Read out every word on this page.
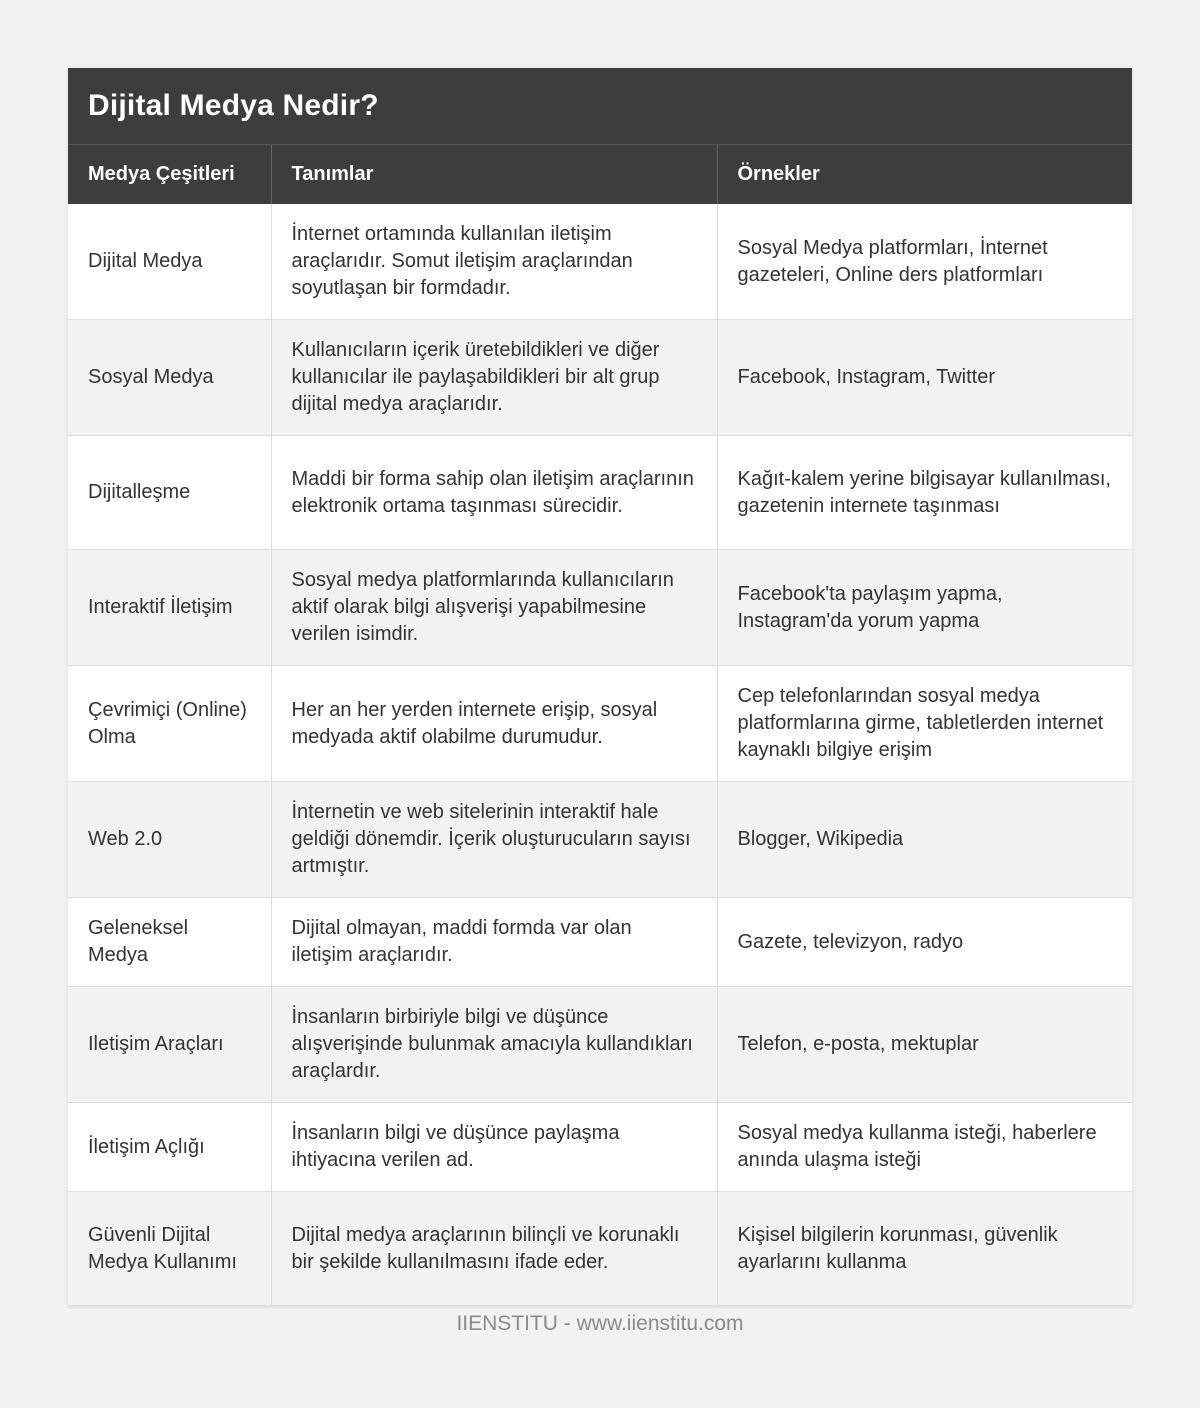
Dijital Medya Nedir?
Medya Çeşitleri	Tanımlar	Örnekler
Dijital Medya	İnternet ortamında kullanılan iletişim araçlarıdır. Somut iletişim araçlarından soyutlaşan bir formdadır.	Sosyal Medya platformları, İnternet gazeteleri, Online ders platformları
Sosyal Medya	Kullanıcıların içerik üretebildikleri ve diğer kullanıcılar ile paylaşabildikleri bir alt grup dijital medya araçlarıdır.	Facebook, Instagram, Twitter
Dijitalleşme	Maddi bir forma sahip olan iletişim araçlarının elektronik ortama taşınması sürecidir.	Kağıt-kalem yerine bilgisayar kullanılması, gazetenin internete taşınması
Interaktif İletişim	Sosyal medya platformlarında kullanıcıların aktif olarak bilgi alışverişi yapabilmesine verilen isimdir.	Facebook'ta paylaşım yapma, Instagram'da yorum yapma
Çevrimiçi (Online) Olma	Her an her yerden internete erişip, sosyal medyada aktif olabilme durumudur.	Cep telefonlarından sosyal medya platformlarına girme, tabletlerden internet kaynaklı bilgiye erişim
Web 2.0	İnternetin ve web sitelerinin interaktif hale geldiği dönemdir. İçerik oluşturucuların sayısı artmıştır.	Blogger, Wikipedia
Geleneksel Medya	Dijital olmayan, maddi formda var olan iletişim araçlarıdır.	Gazete, televizyon, radyo
Iletişim Araçları	İnsanların birbiriyle bilgi ve düşünce alışverişinde bulunmak amacıyla kullandıkları araçlardır.	Telefon, e-posta, mektuplar
İletişim Açlığı	İnsanların bilgi ve düşünce paylaşma ihtiyacına verilen ad.	Sosyal medya kullanma isteği, haberlere anında ulaşma isteği
Güvenli Dijital Medya Kullanımı	Dijital medya araçlarının bilinçli ve korunaklı bir şekilde kullanılmasını ifade eder.	Kişisel bilgilerin korunması, güvenlik ayarlarını kullanma
IIENSTITU - www.iienstitu.com
